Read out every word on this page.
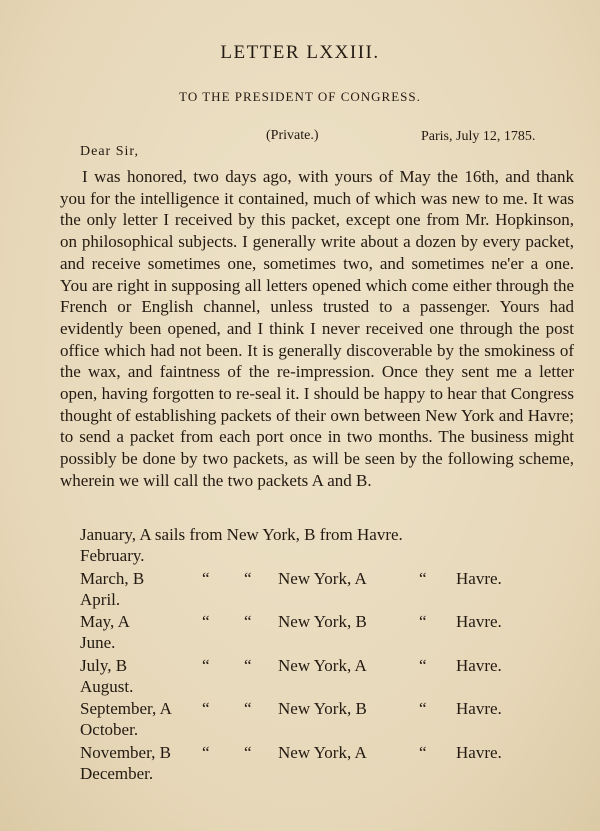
LETTER LXXIII.
TO THE PRESIDENT OF CONGRESS.
(Private.)	Paris, July 12, 1785.
Dear Sir,

I was honored, two days ago, with yours of May the 16th, and thank you for the intelligence it contained, much of which was new to me. It was the only letter I received by this packet, except one from Mr. Hopkinson, on philosophical subjects. I generally write about a dozen by every packet, and receive sometimes one, sometimes two, and sometimes ne'er a one. You are right in supposing all letters opened which come either through the French or English channel, unless trusted to a passenger. Yours had evidently been opened, and I think I never received one through the post office which had not been. It is generally discoverable by the smokiness of the wax, and faintness of the re-impression. Once they sent me a letter open, having forgotten to re-seal it. I should be happy to hear that Congress thought of establishing packets of their own between New York and Havre; to send a packet from each port once in two months. The business might possibly be done by two packets, as will be seen by the following scheme, wherein we will call the two packets A and B.

January, A sails from New York, B from Havre.
February.
March, B	“ “ New York, A	“ Havre.
April.
May, A	“ “ New York, B	“ Havre.
June.
July, B	“ “ New York, A	“ Havre.
August.
September, A “ “ New York, B	“ Havre.
October.
November, B “ “ New York, A	“ Havre.
December.
